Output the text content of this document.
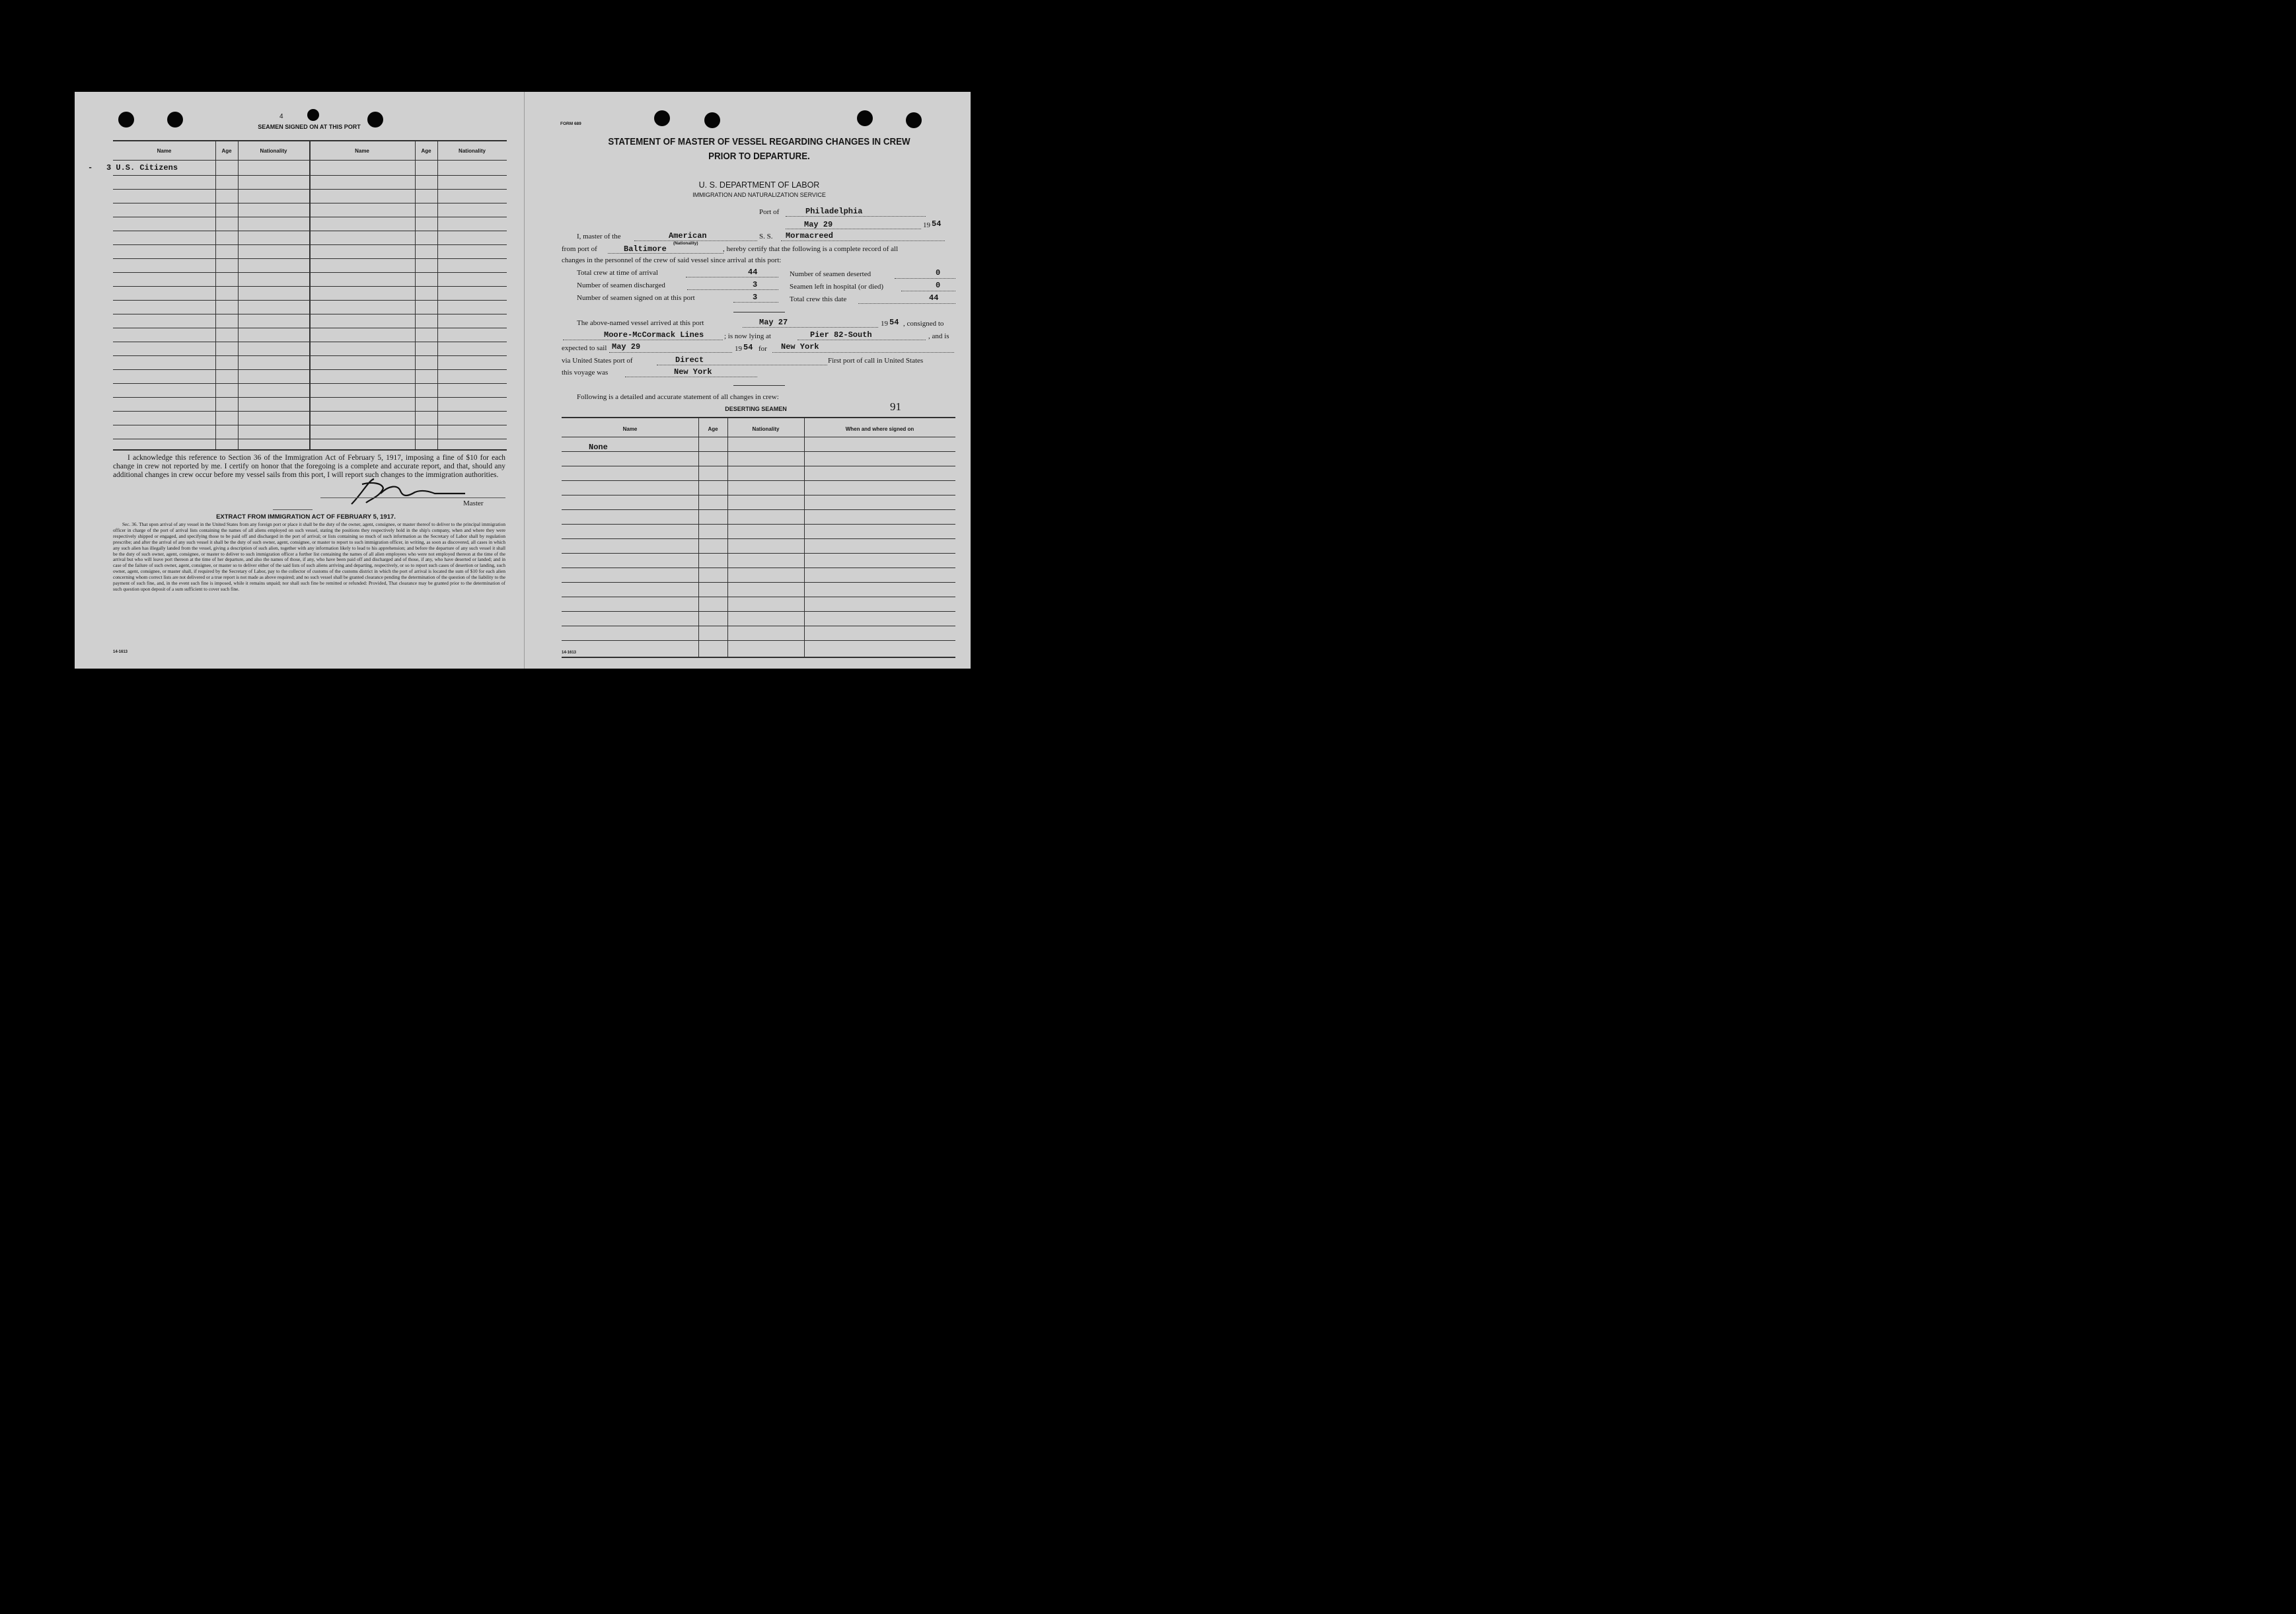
4
SEAMEN SIGNED ON AT THIS PORT
Name	Age	Nationality	Name	Age	Nationality
- 3 U.S. Citizens
I acknowledge this reference to Section 36 of the Immigration Act of February 5, 1917, imposing a fine of $10 for each change in crew not reported by me. I certify on honor that the foregoing is a complete and accurate report, and that, should any additional changes in crew occur before my vessel sails from this port, I will report such changes to the immigration authorities.
Master
EXTRACT FROM IMMIGRATION ACT OF FEBRUARY 5, 1917.
Sec. 36. That upon arrival of any vessel in the United States from any foreign port or place it shall be the duty of the owner, agent, consignee, or master thereof to deliver to the principal immigration officer in charge of the port of arrival lists containing the names of all aliens employed on such vessel, stating the positions they respectively hold in the ship's company, when and where they were respectively shipped or engaged, and specifying those to be paid off and discharged in the port of arrival; or lists containing so much of such information as the Secretary of Labor shall by regulation prescribe; and after the arrival of any such vessel it shall be the duty of such owner, agent, consignee, or master to report to such immigration officer, in writing, as soon as discovered, all cases in which any such alien has illegally landed from the vessel, giving a description of such alien, together with any information likely to lead to his apprehension; and before the departure of any such vessel it shall be the duty of such owner, agent, consignee, or master to deliver to such immigration officer a further list containing the names of all alien employees who were not employed thereon at the time of the arrival but who will leave port thereon at the time of her departure, and also the names of those, if any, who have been paid off and discharged and of those, if any, who have deserted or landed; and in case of the failure of such owner, agent, consignee, or master so to deliver either of the said lists of such aliens arriving and departing, respectively, or so to report such cases of desertion or landing, such owner, agent, consignee, or master shall, if required by the Secretary of Labor, pay to the collector of customs of the customs district in which the port of arrival is located the sum of $10 for each alien concerning whom correct lists are not delivered or a true report is not made as above required; and no such vessel shall be granted clearance pending the determination of the question of the liability to the payment of such fine, and, in the event such fine is imposed, while it remains unpaid; nor shall such fine be remitted or refunded: Provided, That clearance may be granted prior to the determination of such question upon deposit of a sum sufficient to cover such fine.
14-1613
FORM 689
STATEMENT OF MASTER OF VESSEL REGARDING CHANGES IN CREW
PRIOR TO DEPARTURE.
U. S. DEPARTMENT OF LABOR
IMMIGRATION AND NATURALIZATION SERVICE
Port of	Philadelphia
May 29	19 54
I, master of the	American
(Nationality)
S. S. Mormacreed
from port of	Baltimore	, hereby certify that the following is a complete record of all
changes in the personnel of the crew of said vessel since arrival at this port:
Total crew at time of arrival	44
Number of seamen discharged	3
Number of seamen signed on at this port	3
Number of seamen deserted	0
Seamen left in hospital (or died)	0
Total crew this date	44
The above-named vessel arrived at this port	May 27	19 54 , consigned to
Moore-McCormack Lines	; is now lying at	Pier 82-South	, and is
expected to sail May 29	19 54 for New York
via United States port of	Direct	First port of call in United States
this voyage was	New York
Following is a detailed and accurate statement of all changes in crew:
DESERTING SEAMEN	91
Name	Age	Nationality	When and where signed on
None
14-1613
